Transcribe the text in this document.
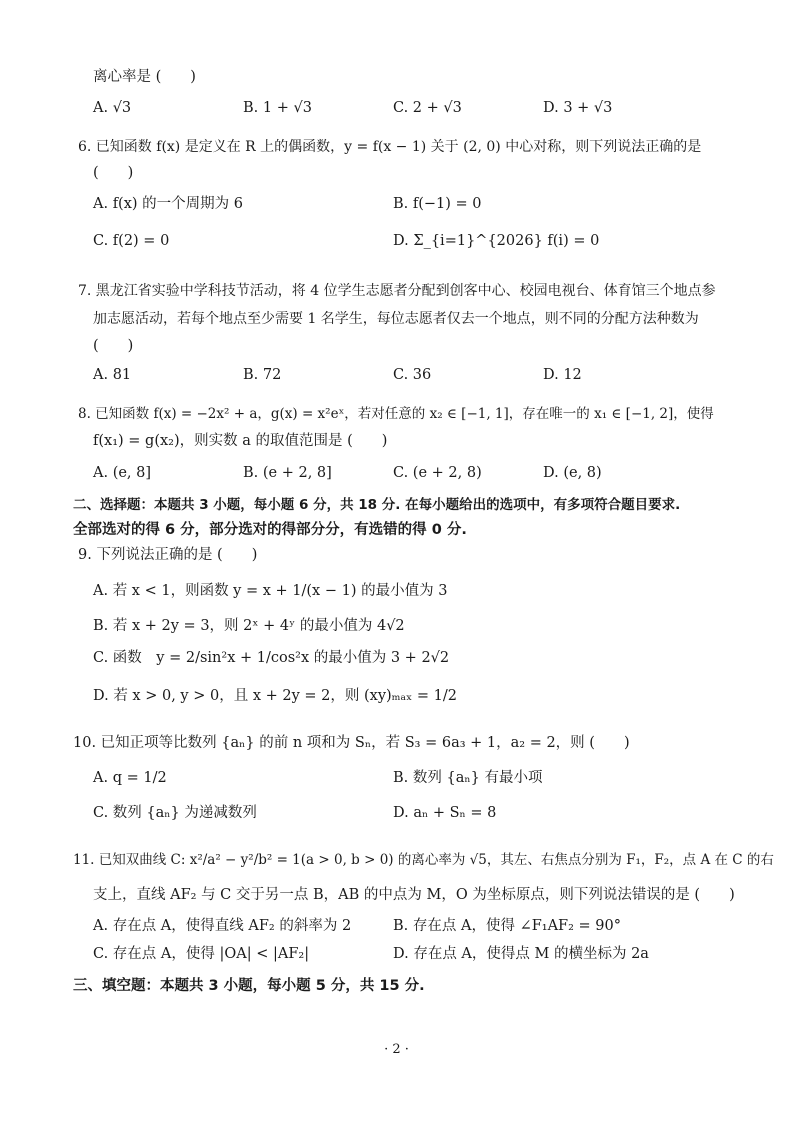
离心率是 (　　)
A. √3	B. 1 + √3	C. 2 + √3	D. 3 + √3
6. 已知函数 f(x) 是定义在 R 上的偶函数，y = f(x − 1) 关于 (2, 0) 中心对称，则下列说法正确的是
(　　)
A. f(x) 的一个周期为 6	B. f(−1) = 0
C. f(2) = 0	D. Σ_{i=1}^{2026} f(i) = 0
7. 黑龙江省实验中学科技节活动，将 4 位学生志愿者分配到创客中心、校园电视台、体育馆三个地点参
加志愿活动，若每个地点至少需要 1 名学生，每位志愿者仅去一个地点，则不同的分配方法种数为
(　　)
A. 81	B. 72	C. 36	D. 12
8. 已知函数 f(x) = −2x² + a，g(x) = x²eˣ，若对任意的 x₂ ∈ [−1, 1]，存在唯一的 x₁ ∈ [−1, 2]，使得
f(x₁) = g(x₂)，则实数 a 的取值范围是 (　　)
A. (e, 8]	B. (e + 2, 8]	C. (e + 2, 8)	D. (e, 8)
二、选择题：本题共 3 小题，每小题 6 分，共 18 分. 在每小题给出的选项中，有多项符合题目要求.
全部选对的得 6 分，部分选对的得部分分，有选错的得 0 分.
9. 下列说法正确的是 (　　)
A. 若 x < 1，则函数 y = x + 1/(x − 1) 的最小值为 3
B. 若 x + 2y = 3，则 2ˣ + 4ʸ 的最小值为 4√2
C. 函数　y = 2/sin²x + 1/cos²x 的最小值为 3 + 2√2
D. 若 x > 0, y > 0，且 x + 2y = 2，则 (xy)ₘₐₓ = 1/2
10. 已知正项等比数列 {aₙ} 的前 n 项和为 Sₙ，若 S₃ = 6a₃ + 1，a₂ = 2，则 (　　)
A. q = 1/2	B. 数列 {aₙ} 有最小项
C. 数列 {aₙ} 为递减数列	D. aₙ + Sₙ = 8
11. 已知双曲线 C: x²/a² − y²/b² = 1(a > 0, b > 0) 的离心率为 √5，其左、右焦点分别为 F₁，F₂，点 A 在 C 的右
支上，直线 AF₂ 与 C 交于另一点 B，AB 的中点为 M，O 为坐标原点，则下列说法错误的是 (　　)
A. 存在点 A，使得直线 AF₂ 的斜率为 2	B. 存在点 A，使得 ∠F₁AF₂ = 90°
C. 存在点 A，使得 |OA| < |AF₂|	D. 存在点 A，使得点 M 的横坐标为 2a
三、填空题：本题共 3 小题，每小题 5 分，共 15 分.
· 2 ·
